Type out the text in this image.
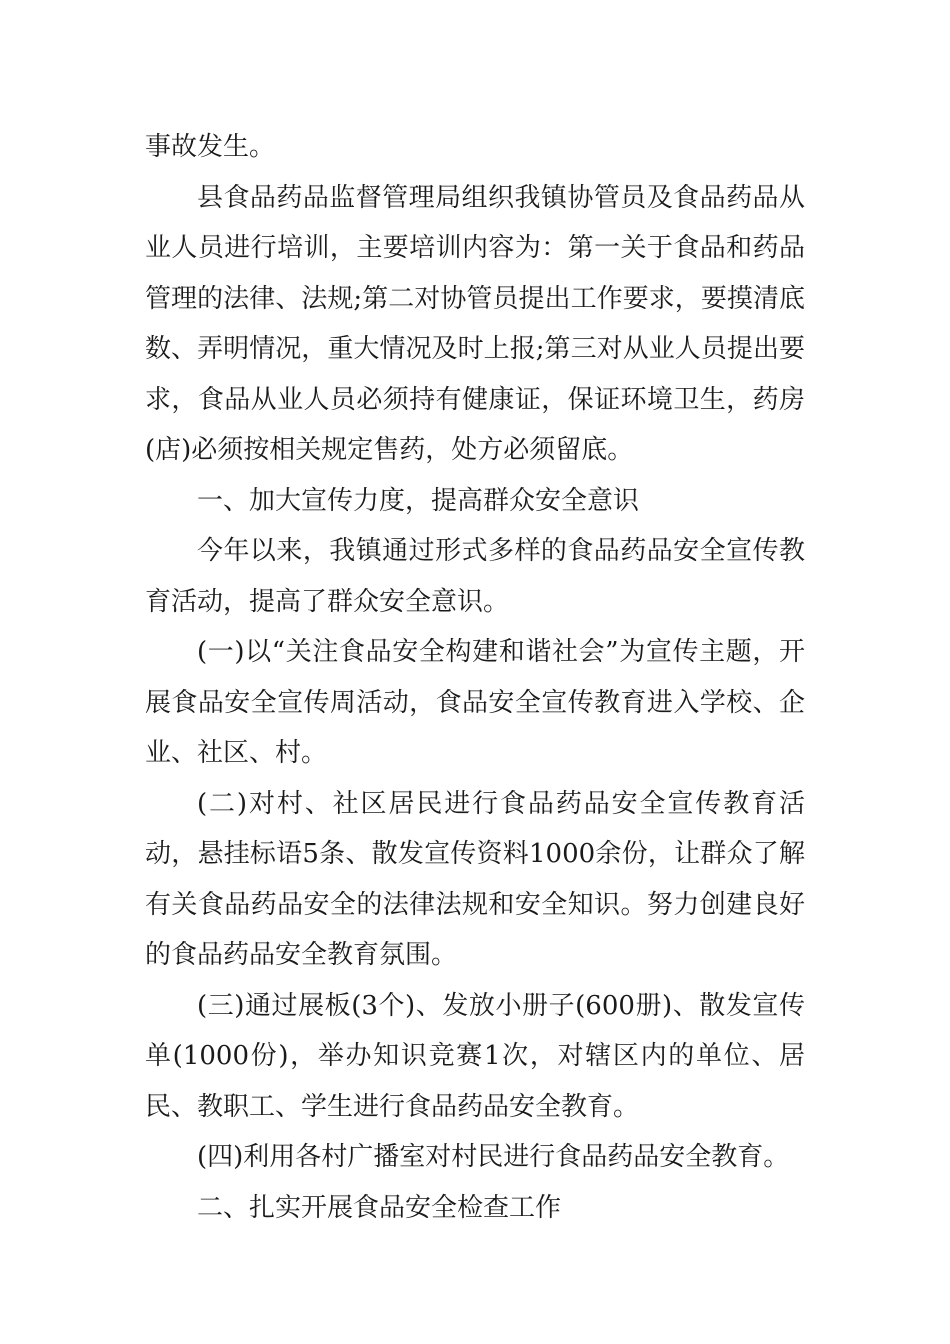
事故发生。

县食品药品监督管理局组织我镇协管员及食品药品从业人员进行培训，主要培训内容为：第一关于食品和药品管理的法律、法规;第二对协管员提出工作要求，要摸清底数、弄明情况，重大情况及时上报;第三对从业人员提出要求，食品从业人员必须持有健康证，保证环境卫生，药房(店)必须按相关规定售药，处方必须留底。

一、加大宣传力度，提高群众安全意识

今年以来，我镇通过形式多样的食品药品安全宣传教育活动，提高了群众安全意识。

(一)以“关注食品安全构建和谐社会”为宣传主题，开展食品安全宣传周活动，食品安全宣传教育进入学校、企业、社区、村。

(二)对村、社区居民进行食品药品安全宣传教育活动，悬挂标语5条、散发宣传资料1000余份，让群众了解有关食品药品安全的法律法规和安全知识。努力创建良好的食品药品安全教育氛围。

(三)通过展板(3个)、发放小册子(600册)、散发宣传单(1000份)，举办知识竞赛1次，对辖区内的单位、居民、教职工、学生进行食品药品安全教育。

(四)利用各村广播室对村民进行食品药品安全教育。

二、扎实开展食品安全检查工作
